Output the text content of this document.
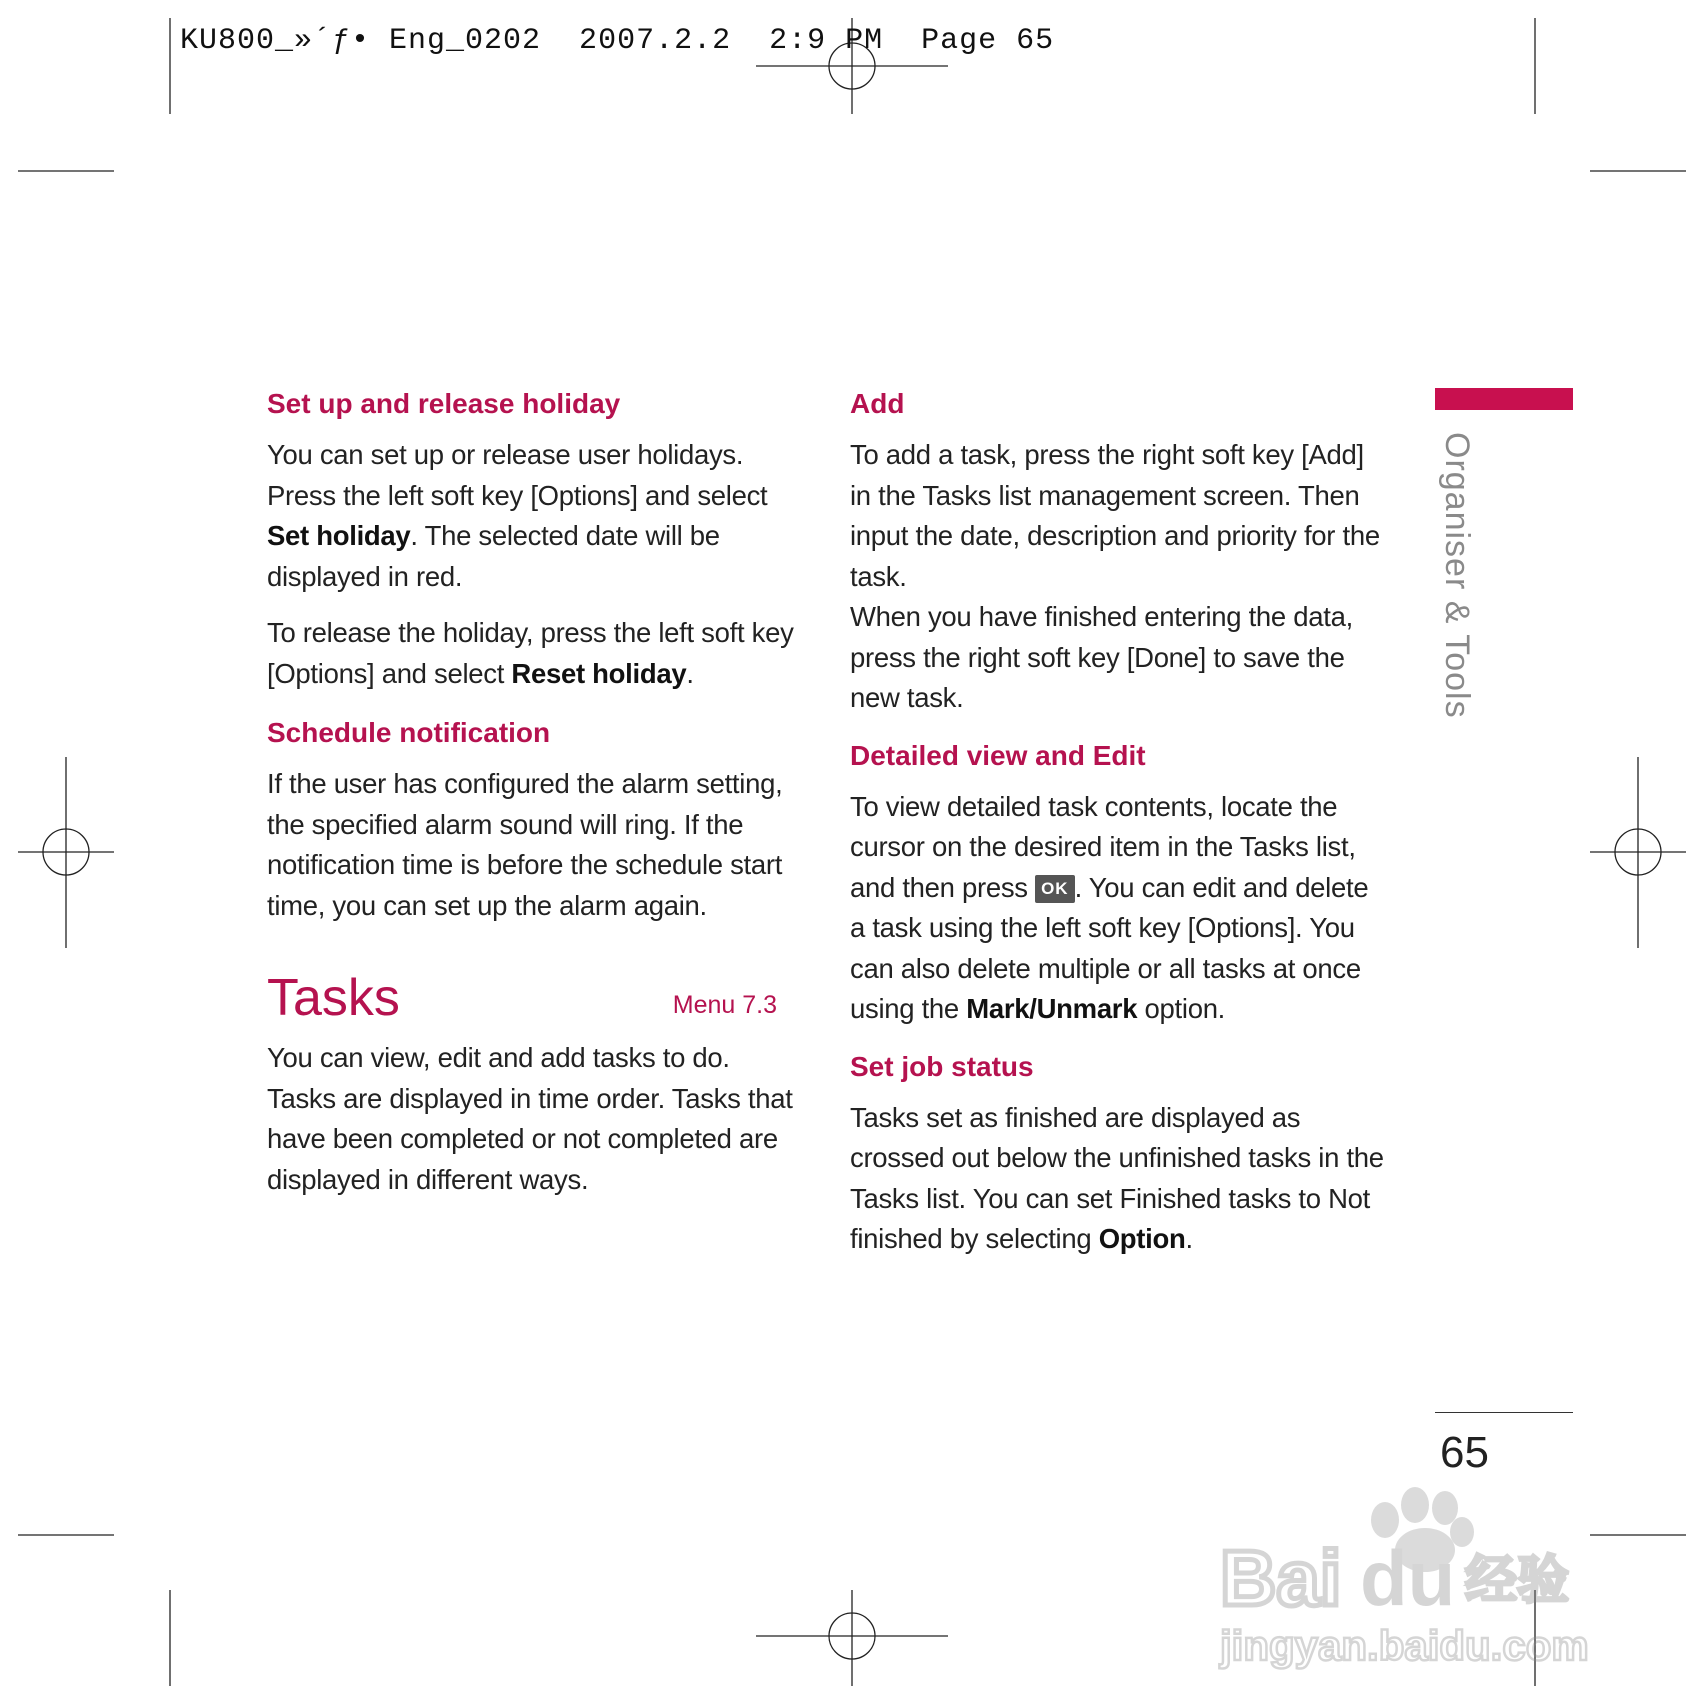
KU800_»´ƒ• Eng_0202  2007.2.2  2:9 PM  Page 65
Set up and release holiday

You can set up or release user holidays. Press the left soft key [Options] and select Set holiday. The selected date will be displayed in red.

To release the holiday, press the left soft key [Options] and select Reset holiday.

Schedule notification

If the user has configured the alarm setting, the specified alarm sound will ring. If the notification time is before the schedule start time, you can set up the alarm again.

Tasks	Menu 7.3

You can view, edit and add tasks to do. Tasks are displayed in time order. Tasks that have been completed or not completed are displayed in different ways.

Add

To add a task, press the right soft key [Add] in the Tasks list management screen. Then input the date, description and priority for the task.

When you have finished entering the data, press the right soft key [Done] to save the new task.

Detailed view and Edit

To view detailed task contents, locate the cursor on the desired item in the Tasks list, and then press OK . You can edit and delete a task using the left soft key [Options]. You can also delete multiple or all tasks at once using the Mark/Unmark option.

Set job status

Tasks set as finished are displayed as crossed out below the unfinished tasks in the Tasks list. You can set Finished tasks to Not finished by selecting Option.

Organiser & Tools
65
Bai du 经验
jingyan.baidu.com
